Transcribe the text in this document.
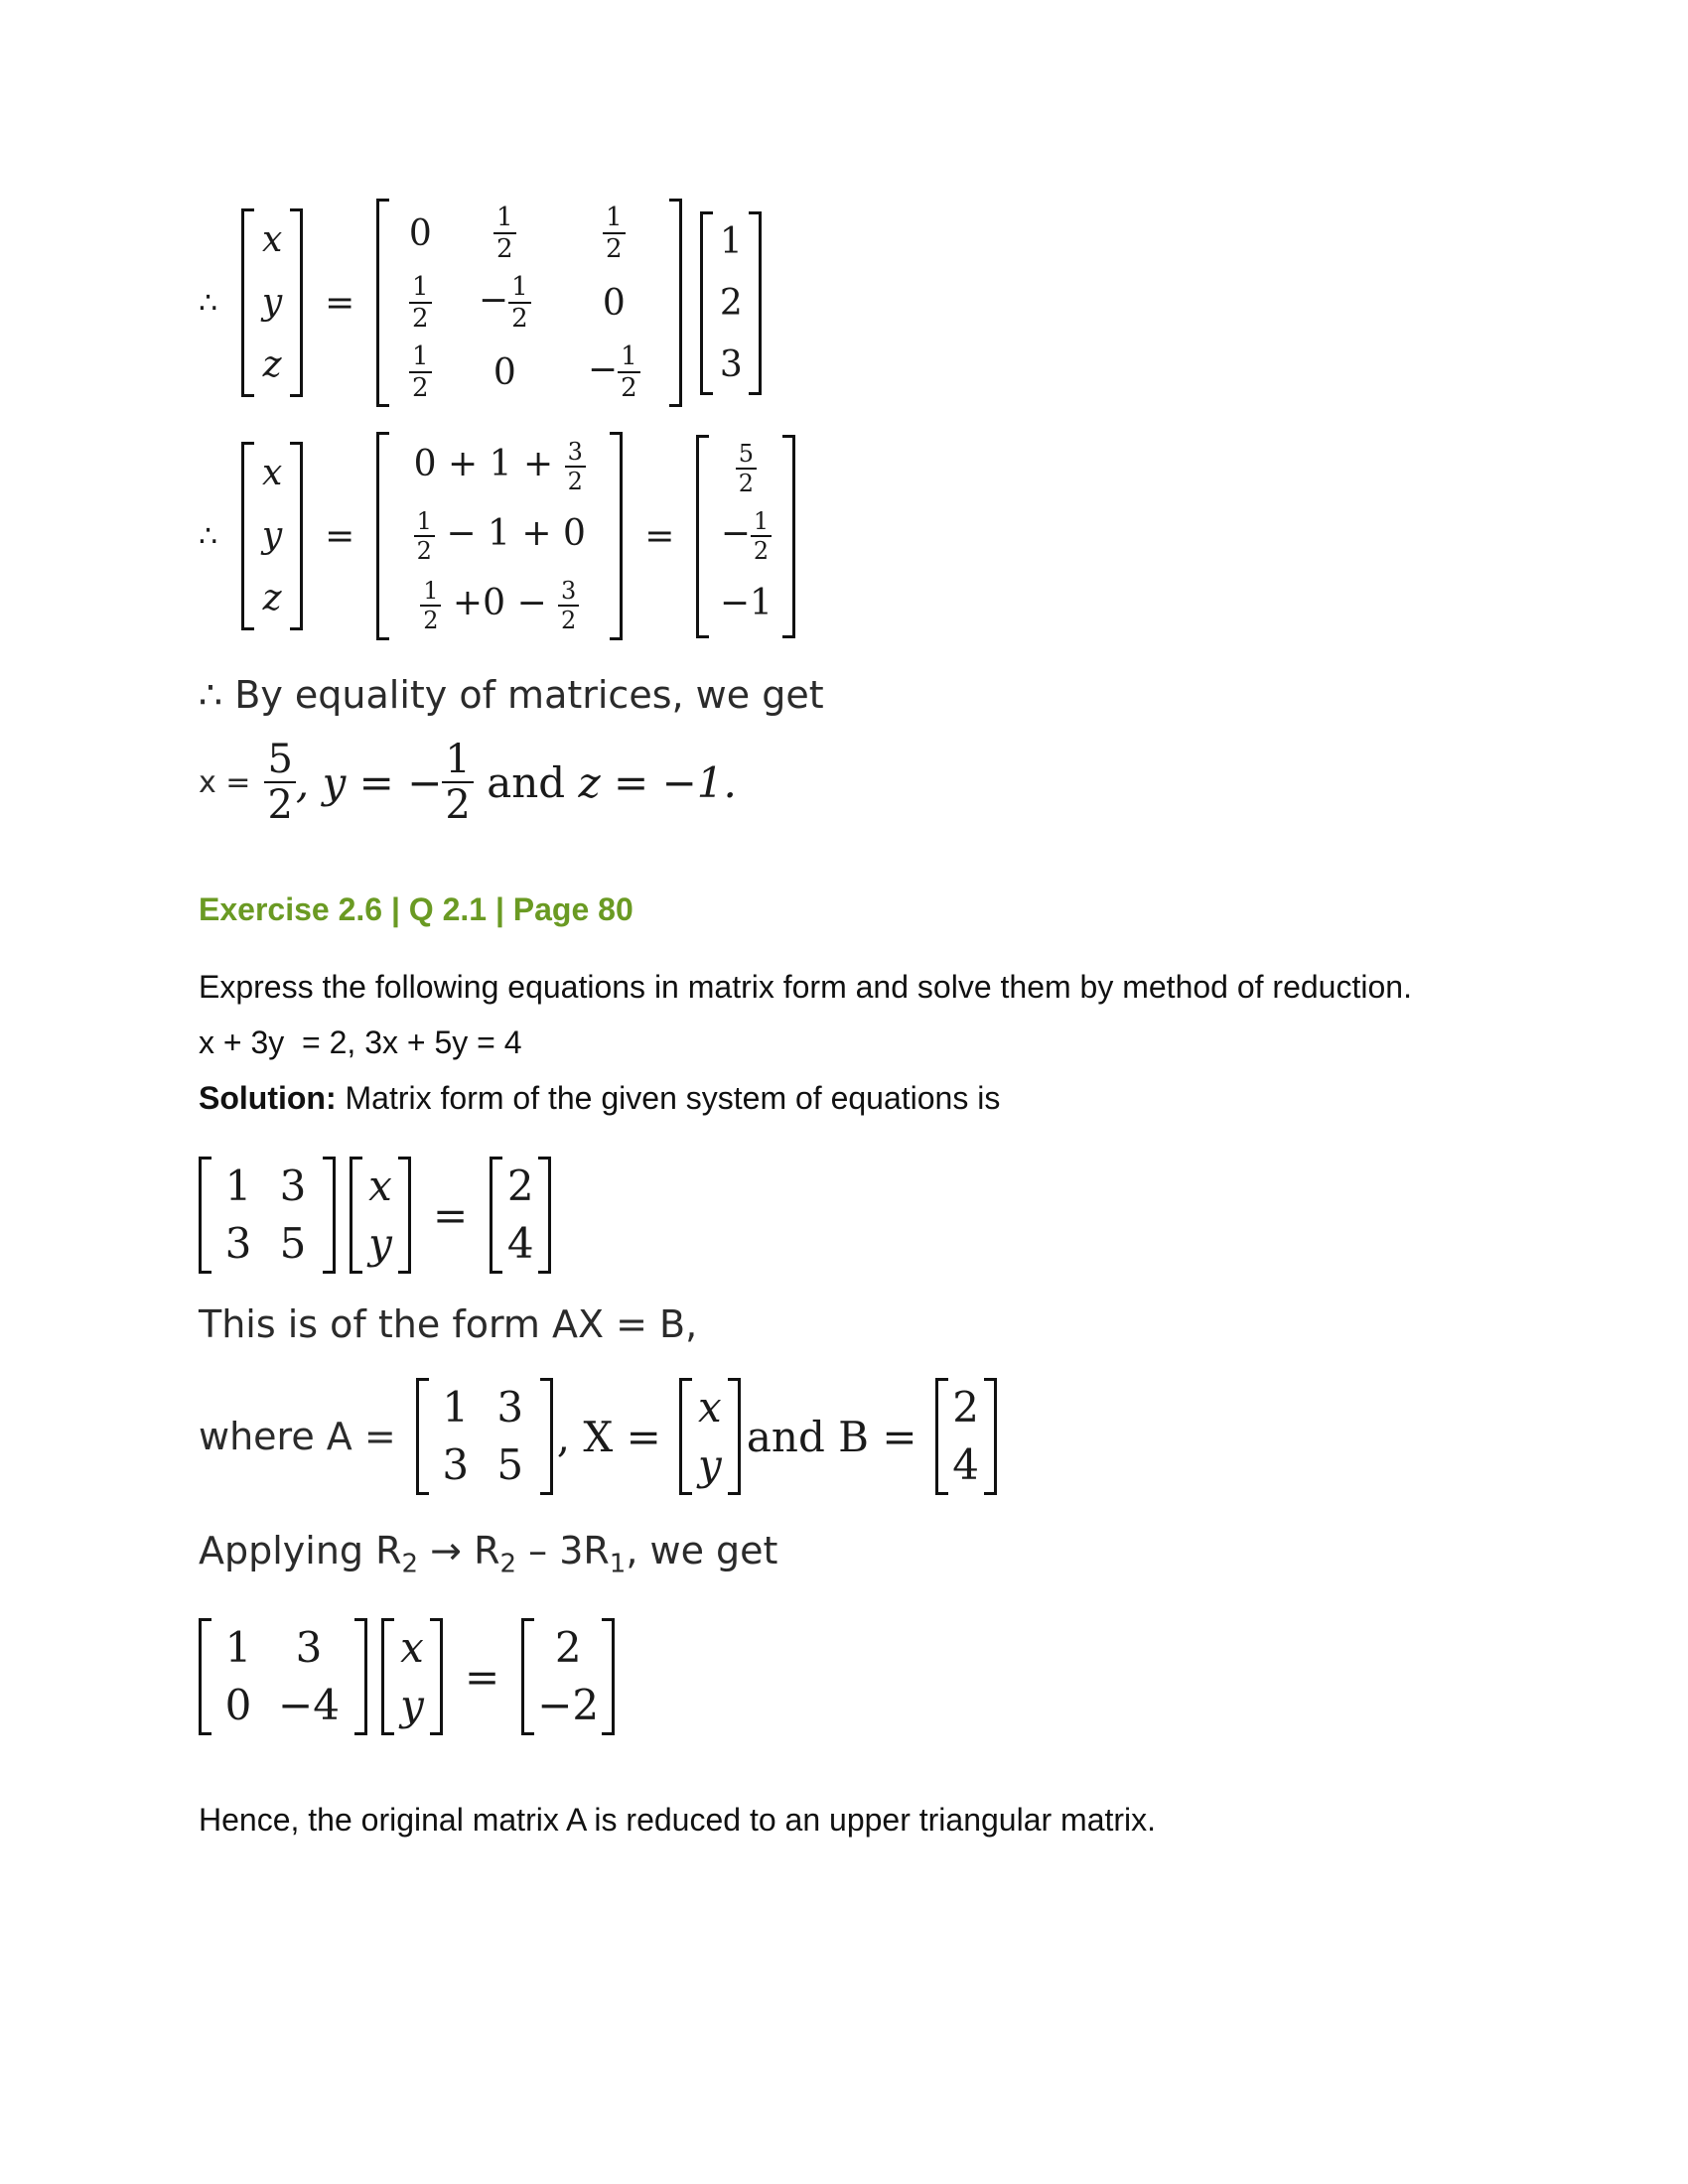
∴
x
y
z
=
$0 \frac{1}{2}$	$\frac{1}{2}$
$\frac{1}{2} - \frac{1}{2} 0$
$\frac{1}{2} 0 - \frac{1}{2}$
1
2
3
∴
x
y
z
=
$0 + 1 + \frac{3}{2}$
$\frac{1}{2} - 1 + 0$
$\frac{1}{2} +0 - \frac{3}{2}$
=
$\frac{5}{2}$
− $\frac{1}{2}$
−1
∴ By equality of matrices, we get
$x = \frac{5}{2}$ , y = − $\frac{1}{2}$ and z = −1.
Exercise 2.6 | Q 2.1 | Page 80
Express the following equations in matrix form and solve them by method of reduction.
x + 3y  = 2, 3x + 5y = 4
Solution: Matrix form of the given system of equations is
1 3
3 5
x
y
=
2
4
This is of the form AX = B,
where A =
1 3
3 5
, X =
x
y
and B =
2
4
Applying $R_2 \to R_2 - 3R_1$, we get
1 3
0 −4
x
y
=
2
−2
Hence, the original matrix A is reduced to an upper triangular matrix.
